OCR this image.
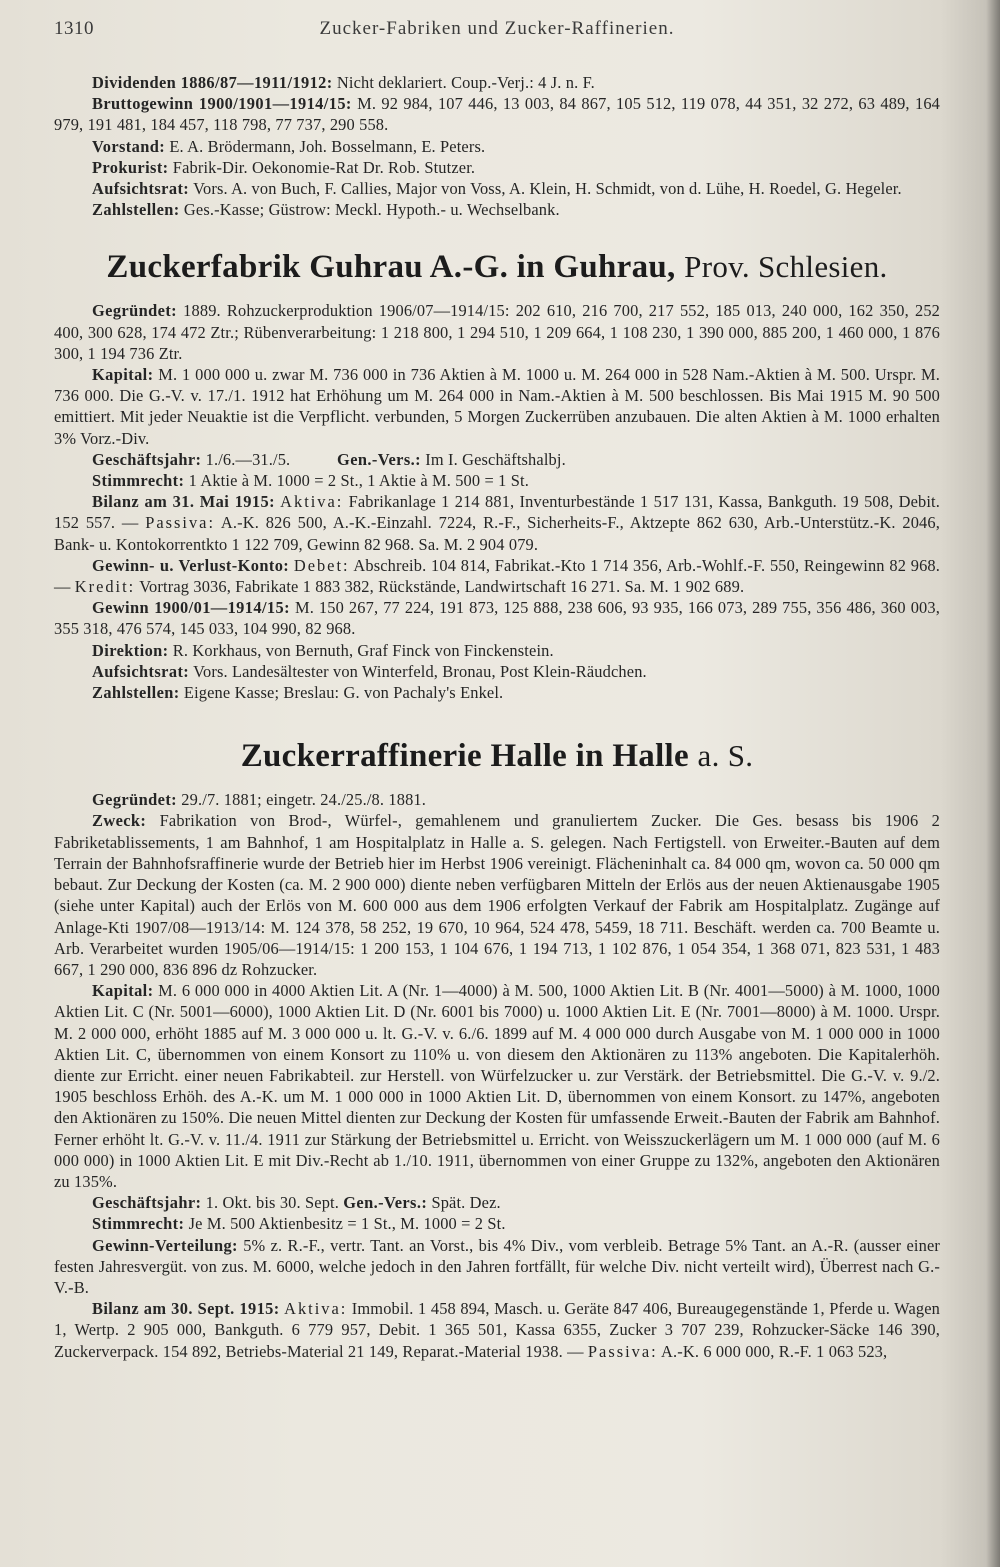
1310	Zucker-Fabriken und Zucker-Raffinerien.

Dividenden 1886/87—1911/1912: Nicht deklariert. Coup.-Verj.: 4 J. n. F.

Bruttogewinn 1900/1901—1914/15: M. 92 984, 107 446, 13 003, 84 867, 105 512, 119 078, 44 351, 32 272, 63 489, 164 979, 191 481, 184 457, 118 798, 77 737, 290 558.

Vorstand: E. A. Brödermann, Joh. Bosselmann, E. Peters.

Prokurist: Fabrik-Dir. Oekonomie-Rat Dr. Rob. Stutzer.

Aufsichtsrat: Vors. A. von Buch, F. Callies, Major von Voss, A. Klein, H. Schmidt, von d. Lühe, H. Roedel, G. Hegeler.

Zahlstellen: Ges.-Kasse; Güstrow: Meckl. Hypoth.- u. Wechselbank.

Zuckerfabrik Guhrau A.-G. in Guhrau, Prov. Schlesien.

Gegründet: 1889. Rohzuckerproduktion 1906/07—1914/15: 202 610, 216 700, 217 552, 185 013, 240 000, 162 350, 252 400, 300 628, 174 472 Ztr.; Rübenverarbeitung: 1 218 800, 1 294 510, 1 209 664, 1 108 230, 1 390 000, 885 200, 1 460 000, 1 876 300, 1 194 736 Ztr.

Kapital: M. 1 000 000 u. zwar M. 736 000 in 736 Aktien à M. 1000 u. M. 264 000 in 528 Nam.-Aktien à M. 500. Urspr. M. 736 000. Die G.-V. v. 17./1. 1912 hat Erhöhung um M. 264 000 in Nam.-Aktien à M. 500 beschlossen. Bis Mai 1915 M. 90 500 emittiert. Mit jeder Neuaktie ist die Verpflicht. verbunden, 5 Morgen Zuckerrüben anzubauen. Die alten Aktien à M. 1000 erhalten 3% Vorz.-Div.

Geschäftsjahr: 1./6.—31./5.	Gen.-Vers.: Im I. Geschäftshalbj.

Stimmrecht: 1 Aktie à M. 1000 = 2 St., 1 Aktie à M. 500 = 1 St.

Bilanz am 31. Mai 1915: Aktiva: Fabrikanlage 1 214 881, Inventurbestände 1 517 131, Kassa, Bankguth. 19 508, Debit. 152 557. — Passiva: A.-K. 826 500, A.-K.-Einzahl. 7224, R.-F., Sicherheits-F., Aktzepte 862 630, Arb.-Unterstütz.-K. 2046, Bank- u. Kontokorrentkto 1 122 709, Gewinn 82 968. Sa. M. 2 904 079.

Gewinn- u. Verlust-Konto: Debet: Abschreib. 104 814, Fabrikat.-Kto 1 714 356, Arb.-Wohlf.-F. 550, Reingewinn 82 968. — Kredit: Vortrag 3036, Fabrikate 1 883 382, Rückstände, Landwirtschaft 16 271. Sa. M. 1 902 689.

Gewinn 1900/01—1914/15: M. 150 267, 77 224, 191 873, 125 888, 238 606, 93 935, 166 073, 289 755, 356 486, 360 003, 355 318, 476 574, 145 033, 104 990, 82 968.

Direktion: R. Korkhaus, von Bernuth, Graf Finck von Finckenstein.

Aufsichtsrat: Vors. Landesältester von Winterfeld, Bronau, Post Klein-Räudchen.

Zahlstellen: Eigene Kasse; Breslau: G. von Pachaly's Enkel.

Zuckerraffinerie Halle in Halle a. S.

Gegründet: 29./7. 1881; eingetr. 24./25./8. 1881.

Zweck: Fabrikation von Brod-, Würfel-, gemahlenem und granuliertem Zucker. Die Ges. besass bis 1906 2 Fabriketablissements, 1 am Bahnhof, 1 am Hospitalplatz in Halle a. S. gelegen. Nach Fertigstell. von Erweiter.-Bauten auf dem Terrain der Bahnhofsraffinerie wurde der Betrieb hier im Herbst 1906 vereinigt. Flächeninhalt ca. 84 000 qm, wovon ca. 50 000 qm bebaut. Zur Deckung der Kosten (ca. M. 2 900 000) diente neben verfügbaren Mitteln der Erlös aus der neuen Aktienausgabe 1905 (siehe unter Kapital) auch der Erlös von M. 600 000 aus dem 1906 erfolgten Verkauf der Fabrik am Hospitalplatz. Zugänge auf Anlage-Kti 1907/08—1913/14: M. 124 378, 58 252, 19 670, 10 964, 524 478, 5459, 18 711. Beschäft. werden ca. 700 Beamte u. Arb. Verarbeitet wurden 1905/06—1914/15: 1 200 153, 1 104 676, 1 194 713, 1 102 876, 1 054 354, 1 368 071, 823 531, 1 483 667, 1 290 000, 836 896 dz Rohzucker.

Kapital: M. 6 000 000 in 4000 Aktien Lit. A (Nr. 1—4000) à M. 500, 1000 Aktien Lit. B (Nr. 4001—5000) à M. 1000, 1000 Aktien Lit. C (Nr. 5001—6000), 1000 Aktien Lit. D (Nr. 6001 bis 7000) u. 1000 Aktien Lit. E (Nr. 7001—8000) à M. 1000. Urspr. M. 2 000 000, erhöht 1885 auf M. 3 000 000 u. lt. G.-V. v. 6./6. 1899 auf M. 4 000 000 durch Ausgabe von M. 1 000 000 in 1000 Aktien Lit. C, übernommen von einem Konsort zu 110% u. von diesem den Aktionären zu 113% angeboten. Die Kapitalerhöh. diente zur Erricht. einer neuen Fabrikabteil. zur Herstell. von Würfelzucker u. zur Verstärk. der Betriebsmittel. Die G.-V. v. 9./2. 1905 beschloss Erhöh. des A.-K. um M. 1 000 000 in 1000 Aktien Lit. D, übernommen von einem Konsort. zu 147%, angeboten den Aktionären zu 150%. Die neuen Mittel dienten zur Deckung der Kosten für umfassende Erweit.-Bauten der Fabrik am Bahnhof. Ferner erhöht lt. G.-V. v. 11./4. 1911 zur Stärkung der Betriebsmittel u. Erricht. von Weisszuckerlägern um M. 1 000 000 (auf M. 6 000 000) in 1000 Aktien Lit. E mit Div.-Recht ab 1./10. 1911, übernommen von einer Gruppe zu 132%, angeboten den Aktionären zu 135%.

Geschäftsjahr: 1. Okt. bis 30. Sept. Gen.-Vers.: Spät. Dez.

Stimmrecht: Je M. 500 Aktienbesitz = 1 St., M. 1000 = 2 St.

Gewinn-Verteilung: 5% z. R.-F., vertr. Tant. an Vorst., bis 4% Div., vom verbleib. Betrage 5% Tant. an A.-R. (ausser einer festen Jahresvergüt. von zus. M. 6000, welche jedoch in den Jahren fortfällt, für welche Div. nicht verteilt wird), Überrest nach G.-V.-B.

Bilanz am 30. Sept. 1915: Aktiva: Immobil. 1 458 894, Masch. u. Geräte 847 406, Bureaugegenstände 1, Pferde u. Wagen 1, Wertp. 2 905 000, Bankguth. 6 779 957, Debit. 1 365 501, Kassa 6355, Zucker 3 707 239, Rohzucker-Säcke 146 390, Zuckerverpack. 154 892, Betriebs-Material 21 149, Reparat.-Material 1938. — Passiva: A.-K. 6 000 000, R.-F. 1 063 523,
